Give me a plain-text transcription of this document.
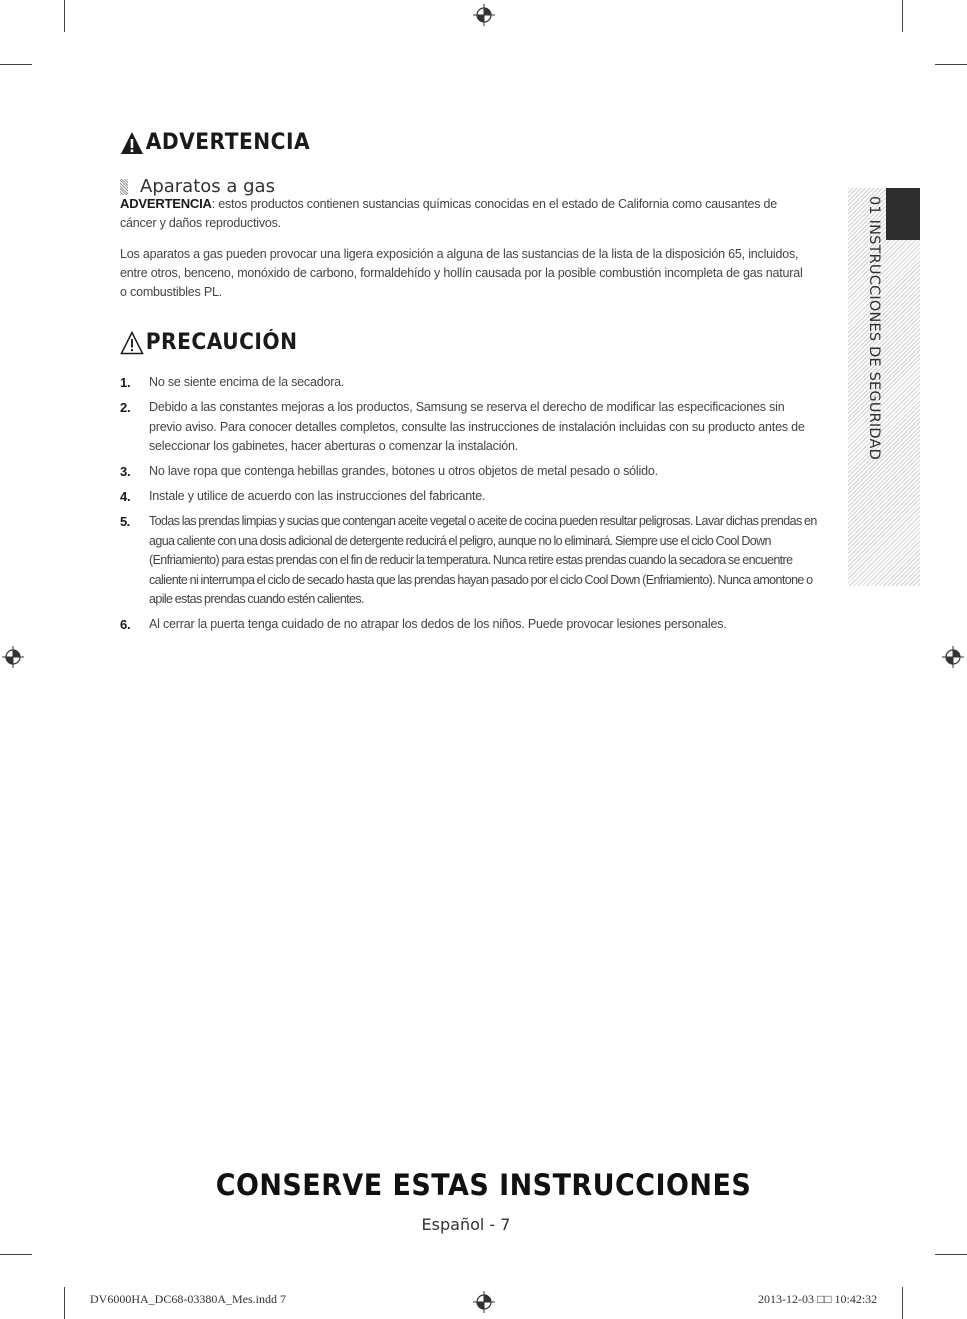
ADVERTENCIA
Aparatos a gas

ADVERTENCIA: estos productos contienen sustancias químicas conocidas en el estado de California como causantes de cáncer y daños reproductivos.

Los aparatos a gas pueden provocar una ligera exposición a alguna de las sustancias de la lista de la disposición 65, incluidos, entre otros, benceno, monóxido de carbono, formaldehído y hollín causada por la posible combustión incompleta de gas natural o combustibles PL.

PRECAUCIÓN
1. No se siente encima de la secadora.
2. Debido a las constantes mejoras a los productos, Samsung se reserva el derecho de modificar las especificaciones sin previo aviso. Para conocer detalles completos, consulte las instrucciones de instalación incluidas con su producto antes de seleccionar los gabinetes, hacer aberturas o comenzar la instalación.
3. No lave ropa que contenga hebillas grandes, botones u otros objetos de metal pesado o sólido.
4. Instale y utilice de acuerdo con las instrucciones del fabricante.
5. Todas las prendas limpias y sucias que contengan aceite vegetal o aceite de cocina pueden resultar peligrosas. Lavar dichas prendas en agua caliente con una dosis adicional de detergente reducirá el peligro, aunque no lo eliminará. Siempre use el ciclo Cool Down (Enfriamiento) para estas prendas con el fin de reducir la temperatura. Nunca retire estas prendas cuando la secadora se encuentre caliente ni interrumpa el ciclo de secado hasta que las prendas hayan pasado por el ciclo Cool Down (Enfriamiento). Nunca amontone o apile estas prendas cuando estén calientes.
6. Al cerrar la puerta tenga cuidado de no atrapar los dedos de los niños. Puede provocar lesiones personales.
01 INSTRUCCIONES DE SEGURIDAD
CONSERVE ESTAS INSTRUCCIONES
Español - 7
DV6000HA_DC68-03380A_Mes.indd 7	2013-12-03 □□ 10:42:32
